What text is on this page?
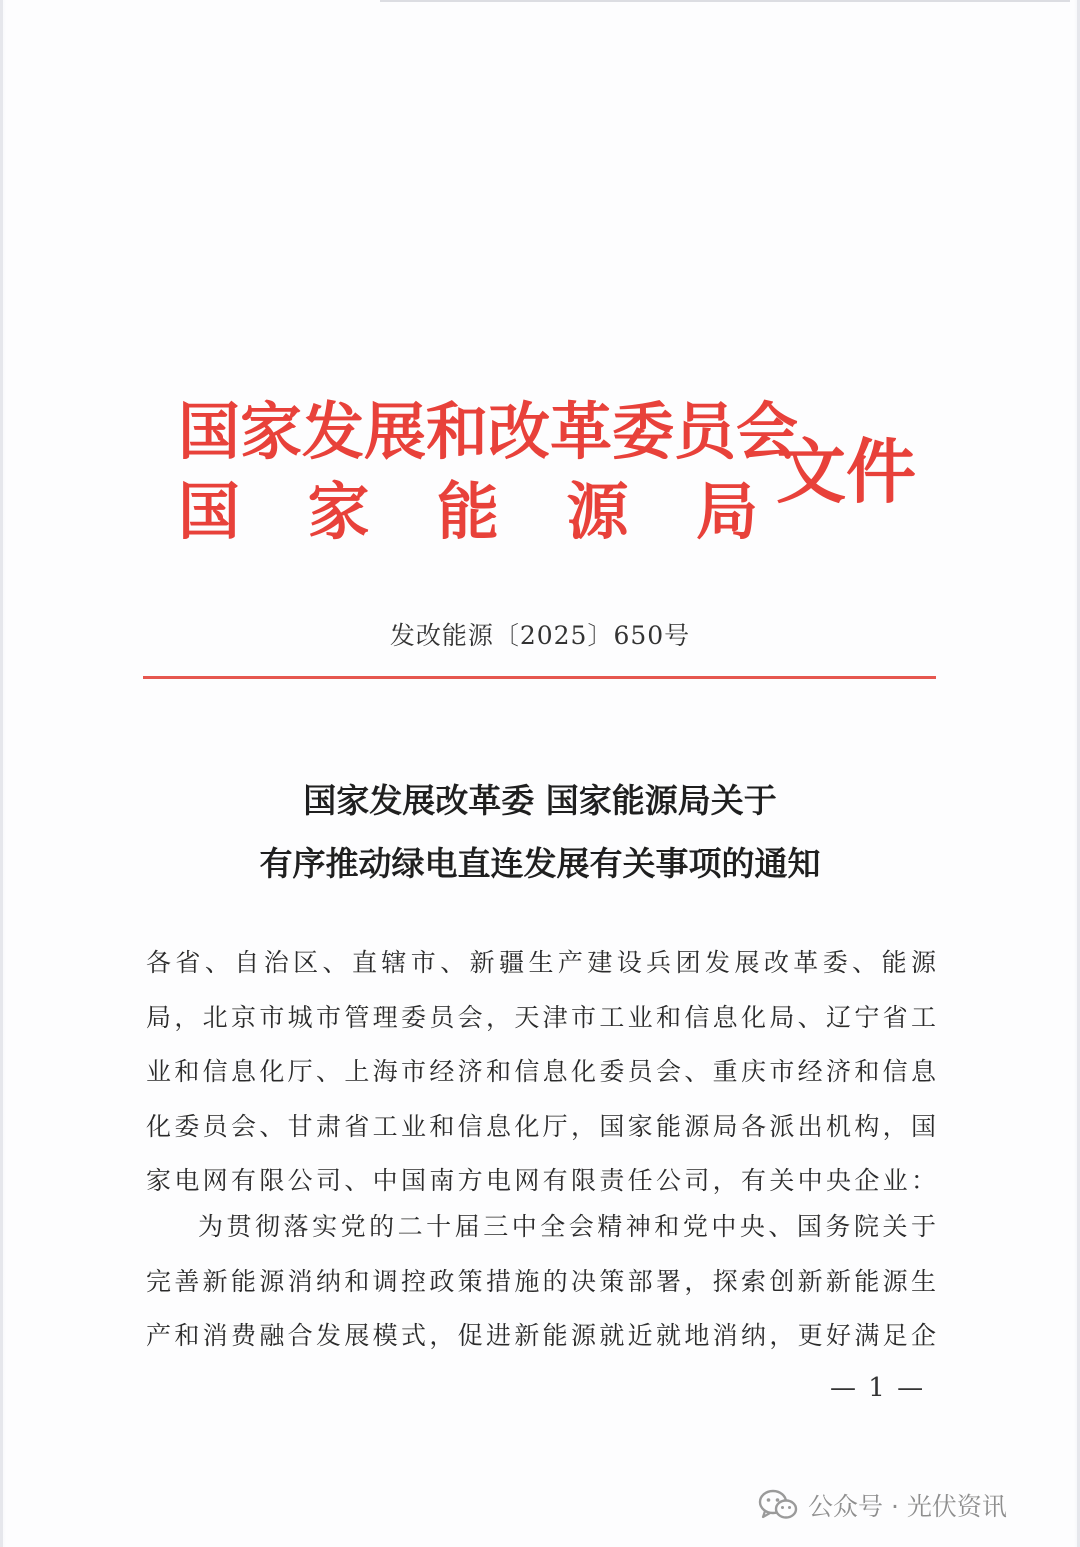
国家发展和改革委员会
国 家 能 源 局 文件
发改能源〔2025〕650号
国家发展改革委 国家能源局关于
有序推动绿电直连发展有关事项的通知
各省、自治区、直辖市、新疆生产建设兵团发展改革委、能源
局，北京市城市管理委员会，天津市工业和信息化局、辽宁省工
业和信息化厅、上海市经济和信息化委员会、重庆市经济和信息
化委员会、甘肃省工业和信息化厅，国家能源局各派出机构，国
家电网有限公司、中国南方电网有限责任公司，有关中央企业：
为贯彻落实党的二十届三中全会精神和党中央、国务院关于
完善新能源消纳和调控政策措施的决策部署，探索创新新能源生
产和消费融合发展模式，促进新能源就近就地消纳，更好满足企
— 1 —
公众号 · 光伏资讯
